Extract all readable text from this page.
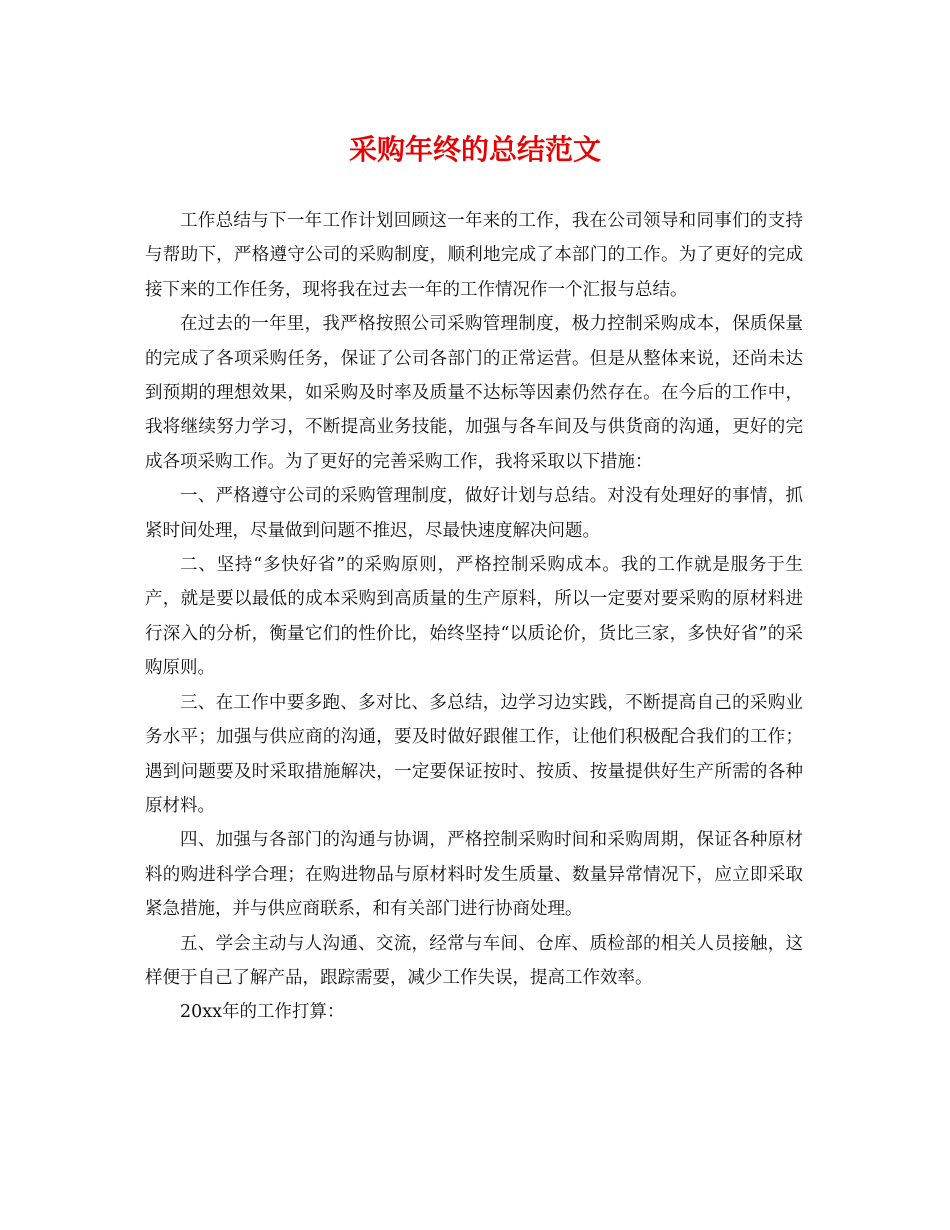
采购年终的总结范文

工作总结与下一年工作计划回顾这一年来的工作，我在公司领导和同事们的支持与帮助下，严格遵守公司的采购制度，顺利地完成了本部门的工作。为了更好的完成接下来的工作任务，现将我在过去一年的工作情况作一个汇报与总结。

在过去的一年里，我严格按照公司采购管理制度，极力控制采购成本，保质保量的完成了各项采购任务，保证了公司各部门的正常运营。但是从整体来说，还尚未达到预期的理想效果，如采购及时率及质量不达标等因素仍然存在。在今后的工作中，我将继续努力学习，不断提高业务技能，加强与各车间及与供货商的沟通，更好的完成各项采购工作。为了更好的完善采购工作，我将采取以下措施：

一、严格遵守公司的采购管理制度，做好计划与总结。对没有处理好的事情，抓紧时间处理，尽量做到问题不推迟，尽最快速度解决问题。

二、坚持“多快好省”的采购原则，严格控制采购成本。我的工作就是服务于生产，就是要以最低的成本采购到高质量的生产原料，所以一定要对要采购的原材料进行深入的分析，衡量它们的性价比，始终坚持“以质论价，货比三家，多快好省”的采购原则。

三、在工作中要多跑、多对比、多总结，边学习边实践，不断提高自己的采购业务水平；加强与供应商的沟通，要及时做好跟催工作，让他们积极配合我们的工作；遇到问题要及时采取措施解决，一定要保证按时、按质、按量提供好生产所需的各种原材料。

四、加强与各部门的沟通与协调，严格控制采购时间和采购周期，保证各种原材料的购进科学合理；在购进物品与原材料时发生质量、数量异常情况下，应立即采取紧急措施，并与供应商联系，和有关部门进行协商处理。

五、学会主动与人沟通、交流，经常与车间、仓库、质检部的相关人员接触，这样便于自己了解产品，跟踪需要，减少工作失误，提高工作效率。

20xx年的工作打算：
